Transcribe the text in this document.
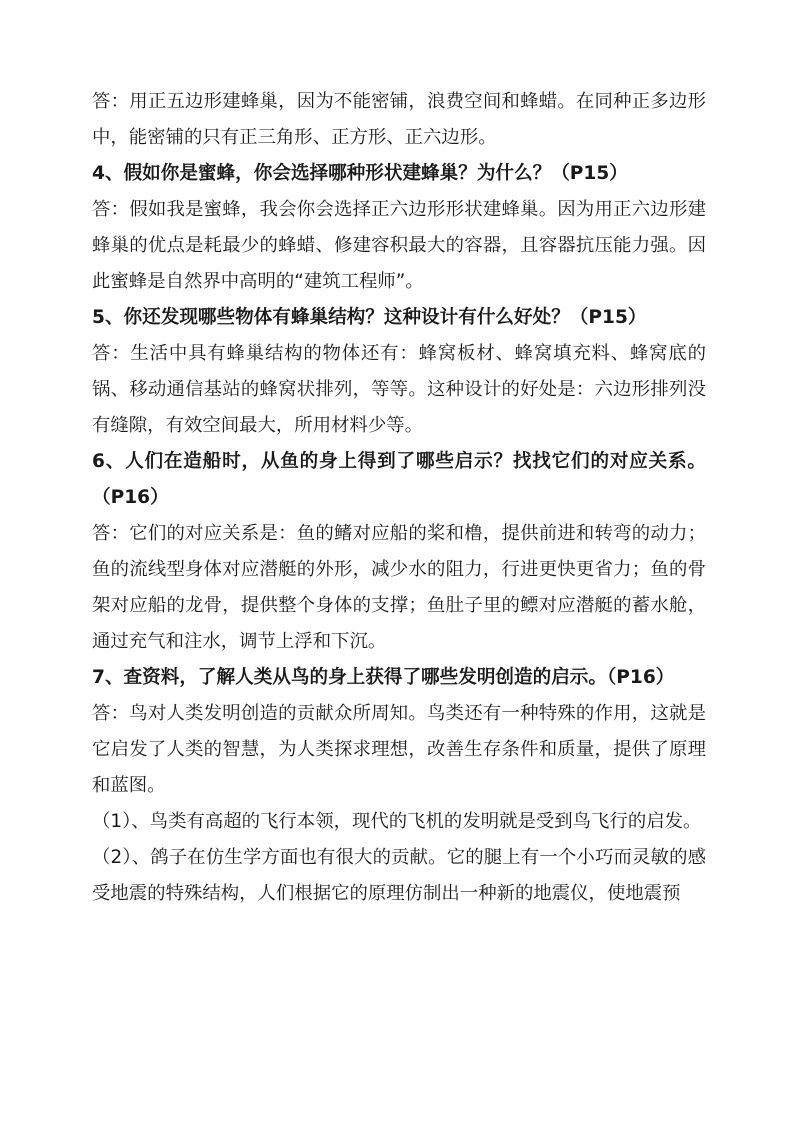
答：用正五边形建蜂巢，因为不能密铺，浪费空间和蜂蜡。在同种正多边形中，能密铺的只有正三角形、正方形、正六边形。

4、假如你是蜜蜂，你会选择哪种形状建蜂巢？为什么？（P15）

答：假如我是蜜蜂，我会你会选择正六边形形状建蜂巢。因为用正六边形建蜂巢的优点是耗最少的蜂蜡、修建容积最大的容器，且容器抗压能力强。因此蜜蜂是自然界中高明的“建筑工程师”。

5、你还发现哪些物体有蜂巢结构？这种设计有什么好处？（P15）

答：生活中具有蜂巢结构的物体还有：蜂窝板材、蜂窝填充料、蜂窝底的锅、移动通信基站的蜂窝状排列，等等。这种设计的好处是：六边形排列没有缝隙，有效空间最大，所用材料少等。

6、人们在造船时，从鱼的身上得到了哪些启示？找找它们的对应关系。（P16）

答：它们的对应关系是：鱼的鳍对应船的桨和橹，提供前进和转弯的动力；鱼的流线型身体对应潜艇的外形，减少水的阻力，行进更快更省力；鱼的骨架对应船的龙骨，提供整个身体的支撑；鱼肚子里的鳔对应潜艇的蓄水舱，通过充气和注水，调节上浮和下沉。

7、查资料，了解人类从鸟的身上获得了哪些发明创造的启示。（P16）

答：鸟对人类发明创造的贡献众所周知。鸟类还有一种特殊的作用，这就是它启发了人类的智慧，为人类探求理想，改善生存条件和质量，提供了原理和蓝图。

（1）、鸟类有高超的飞行本领，现代的飞机的发明就是受到鸟飞行的启发。

（2）、鸽子在仿生学方面也有很大的贡献。它的腿上有一个小巧而灵敏的感受地震的特殊结构，人们根据它的原理仿制出一种新的地震仪，使地震预
